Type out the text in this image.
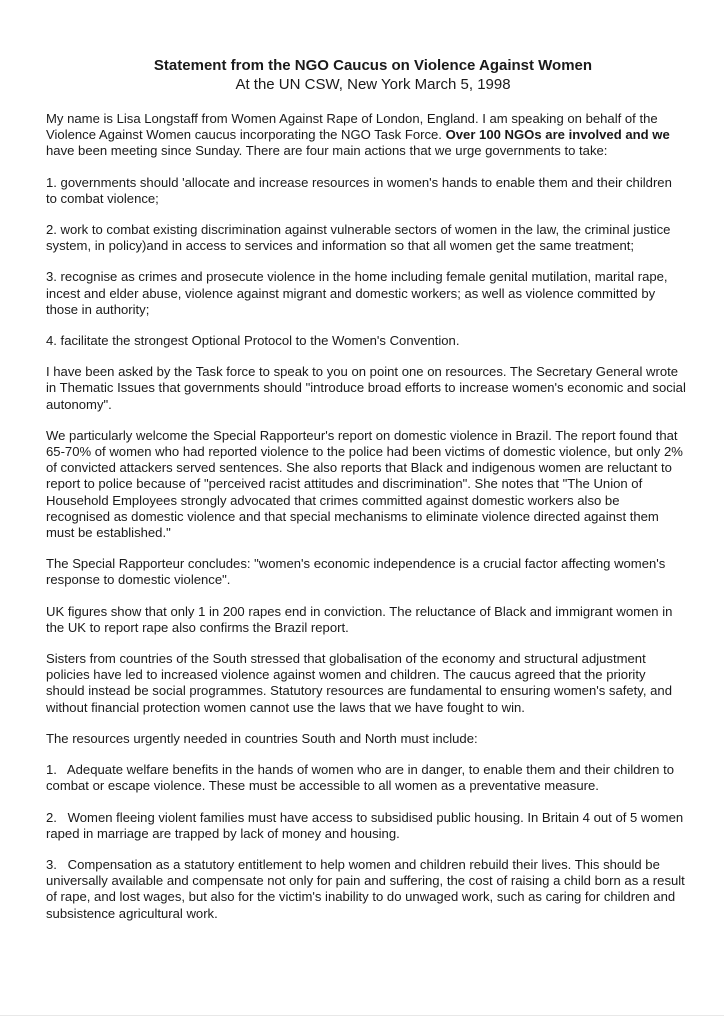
Statement from the NGO Caucus on Violence Against Women
At the UN CSW, New York March 5, 1998

My name is Lisa Longstaff from Women Against Rape of London, England. I am speaking on behalf of the Violence Against Women caucus incorporating the NGO Task Force. Over 100 NGOs are involved and we have been meeting since Sunday. There are four main actions that we urge governments to take:

1. governments should 'allocate and increase resources in women's hands to enable them and their children to combat violence;

2. work to combat existing discrimination against vulnerable sectors of women in the law, the criminal justice system, in policy)and in access to services and information so that all women get the same treatment;

3. recognise as crimes and prosecute violence in the home including female genital mutilation, marital rape, incest and elder abuse, violence against migrant and domestic workers; as well as violence committed by those in authority;

4. facilitate the strongest Optional Protocol to the Women's Convention.

I have been asked by the Task force to speak to you on point one on resources. The Secretary General wrote in Thematic Issues that governments should "introduce broad efforts to increase women's economic and social autonomy".

We particularly welcome the Special Rapporteur's report on domestic violence in Brazil. The report found that 65-70% of women who had reported violence to the police had been victims of domestic violence, but only 2% of convicted attackers served sentences. She also reports that Black and indigenous women are reluctant to report to police because of "perceived racist attitudes and discrimination". She notes that "The Union of Household Employees strongly advocated that crimes committed against domestic workers also be recognised as domestic violence and that special mechanisms to eliminate violence directed against them must be established."

The Special Rapporteur concludes: "women's economic independence is a crucial factor affecting women's response to domestic violence".

UK figures show that only 1 in 200 rapes end in conviction. The reluctance of Black and immigrant women in the UK to report rape also confirms the Brazil report.

Sisters from countries of the South stressed that globalisation of the economy and structural adjustment policies have led to increased violence against women and children. The caucus agreed that the priority should instead be social programmes. Statutory resources are fundamental to ensuring women's safety, and without financial protection women cannot use the laws that we have fought to win.

The resources urgently needed in countries South and North must include:

1. Adequate welfare benefits in the hands of women who are in danger, to enable them and their children to combat or escape violence. These must be accessible to all women as a preventative measure.

2. Women fleeing violent families must have access to subsidised public housing. In Britain 4 out of 5 women raped in marriage are trapped by lack of money and housing.

3. Compensation as a statutory entitlement to help women and children rebuild their lives. This should be universally available and compensate not only for pain and suffering, the cost of raising a child born as a result of rape, and lost wages, but also for the victim's inability to do unwaged work, such as caring for children and subsistence agricultural work.
